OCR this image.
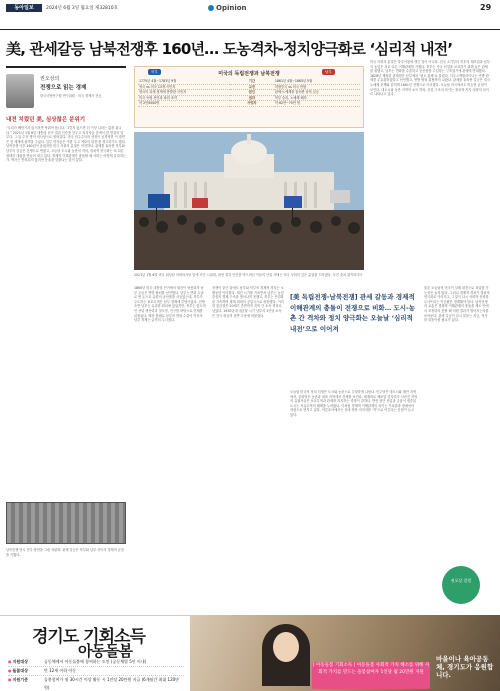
동아일보	2024년 6월 3일 월요일 제32810호	Opinion	29
美, 관세갈등 남북전쟁후 160년… 도농격차-정치양극화로 ‘심리적 내전’
권오상의
전쟁으로 읽는 경제
한국국방연구원 연구위원 · 미국 경제사 전공
내전 치렀던 美, 심상찮은 분위기
“우리가 빼앗기지 않으려면 싸워야 합니다. 그렇지 않으면 더 이상 나라는 없을 겁니다.” 2021년 1월 6일 대통령 선거 결과 인증을 앞두고 지지자들 앞에서 한 연설의 일부다. 그 뒤 수천 명이 의사당으로 몰려갔다. 미국 민주주의의 상징이 공격당한 이 장면은 전 세계에 충격을 주었다. 일부 학자들은 이를 두고 ‘제2의 내전’을 경고하기도 했다. 남북전쟁 이후 160년이 흘렀지만 미국 사회의 분열은 여전하다. 관세를 둘러싼 북부와 남부의 갈등은 전쟁으로 번졌고, 오늘날 도시와 농촌의 격차, 정치적 양극화는 또 다른 형태의 대립을 만들어 내고 있다. 경제적 이해관계가 충돌할 때 사회는 어떻게 갈라지는가. 역사는 반복되지 않지만 운율을 맞춘다는 말이 있다.
남북전쟁 당시 전투 장면을 그린 석판화. 관세 갈등은 북부와 남부 사이의 경제적 균열을 키웠다.
미국의 독립전쟁과 남북전쟁
북부	남부
1775년 4월~1783년 9월	기간	1861년 4월~1865년 5월
영국 vs 미국 13개 식민지	교전	미합중국 vs 미국 연합
영국의 과세 정책에 반발한 식민지	원인	관세·노예제를 둘러싼 남북 갈등
미국 독립 선언과 파리 조약	결과	북부 승리, 노예제 폐지
약 2만5000명	사망자	약 62만~75만 명
2021년 1월 6일 미국 워싱턴 의회의사당 앞에 모인 시위대. 대선 결과 인증을 막으려던 이들의 난입 사태는 미국 사회의 깊은 분열을 드러냈다. 사진 출처 위키피디아
미국 사회의 분열은 하루아침에 생긴 것이 아니다. 건국 초기부터 북부의 제조업과 남부의 농업은 서로 다른 이해관계를 가졌다. 북부는 자국 산업을 보호하기 위해 높은 관세를 원했고, 남부는 면화를 수출하고 공산품을 수입하는 구조였기에 관세에 반대했다. 1828년 제정된 관세법은 남부에서 ‘혐오 관세’로 불렸다. 사우스캐롤라이나는 연방 관세를 무효화하겠다고 선언했고, 연방 탈퇴 위협까지 나왔다. 관세를 둘러싼 갈등은 결국 노예제 문제와 얽히며 1861년 전쟁으로 이어졌다. 오늘날 미국에서도 비슷한 균열이 보인다. 대도시와 농촌 지역의 소득 격차, 산업 구조의 차이는 정치적 지지 성향의 차이로 나타나고 있다.
1860년 미국 대통령 선거에서 링컨이 당선되자 남부 주들은 연방 탈퇴를 선언했다. 남부는 면화 수출로 번 돈으로 유럽의 공산품을 사들였는데, 북부가 주도하는 보호무역은 남부 경제에 부담이었다. 전쟁 초반 남부는 유리한 위치에 있었지만, 북부는 압도적인 산업 생산력과 철도망, 인구를 바탕으로 전세를 뒤집었다. 해상 봉쇄로 남부의 면화 수출이 막히자 남부 경제는 급격히 무너졌다.
전쟁이 끝난 뒤에도 남부와 북부의 경제적 격차는 오랫동안 이어졌다. 재건 시기를 거치면서 남부는 농업 중심의 경제 구조를 벗어나지 못했고, 북부는 산업화를 가속하며 세계 최대의 공업국으로 성장했다. 이러한 불균형은 20세기 중반까지 지역 간 소득 격차로 남았다. 1930년대 대공황 시기 남부의 1인당 소득은 전국 평균의 절반 수준에 머물렀다.
[美 독립전쟁-남북전쟁] 관세 갈등과 경제적 이해관계의 충돌이 전쟁으로 비화… 도시-농촌 간 격차와 정치 양극화는 오늘날 ‘심리적 내전’으로 이어져
오늘날 미국의 정치 지형은 도시와 농촌으로 뚜렷하게 나뉜다. 민주당은 대도시와 해안 지역에서, 공화당은 농촌과 내륙 지역에서 강세를 보인다. 세계화로 제조업 일자리가 사라진 지역의 유권자들은 보호무역과 관세를 지지하는 경향이 강하다. 반면 첨단 산업과 금융이 집중된 도시는 자유무역의 혜택을 누려왔다. 이처럼 경제적 이해관계의 차이는 가치관과 정체성의 대립으로 번지고 있다. 여론조사에서는 상대 정당 지지자를 ‘적’으로 여긴다는 응답이 늘고 있다.
물론 오늘날의 미국이 실제 내전으로 치달을 가능성은 높지 않다. 그러나 경제적 격차가 정치적 양극화로 이어지고, 그것이 다시 사회적 신뢰를 무너뜨리는 악순환은 경계해야 한다. 남북전쟁의 교훈은 경제적 이해관계의 충돌을 제도 안에서 조정하지 못할 때 어떤 결과가 벌어지는지를 보여준다. 관세 갈등이 다시 불붙는 지금, 역사를 되돌아볼 필요가 있다.
권오상 칼럼
경기도 기회소득
아동돌봄
● 지원대상	공동체에서 아동돌봄에 참여하는 도민 (공동체별 5인 이내)
● 돌봄대상	만 12세 이하 아동
● 지원기준	돌봄참여가 월 30시간 이상 활동 시 1인당 20만원 지급 (6개월간 최대 120만원)
[ 아동돌봄 기회소득 ] 아동돌봄 사회적 가치 해소를 위해 사회적 가치를 만드는 돌봄참여자 1인당 월 20만원 지원
마을이나 육아공동체, 경기도가 응원합니다.
